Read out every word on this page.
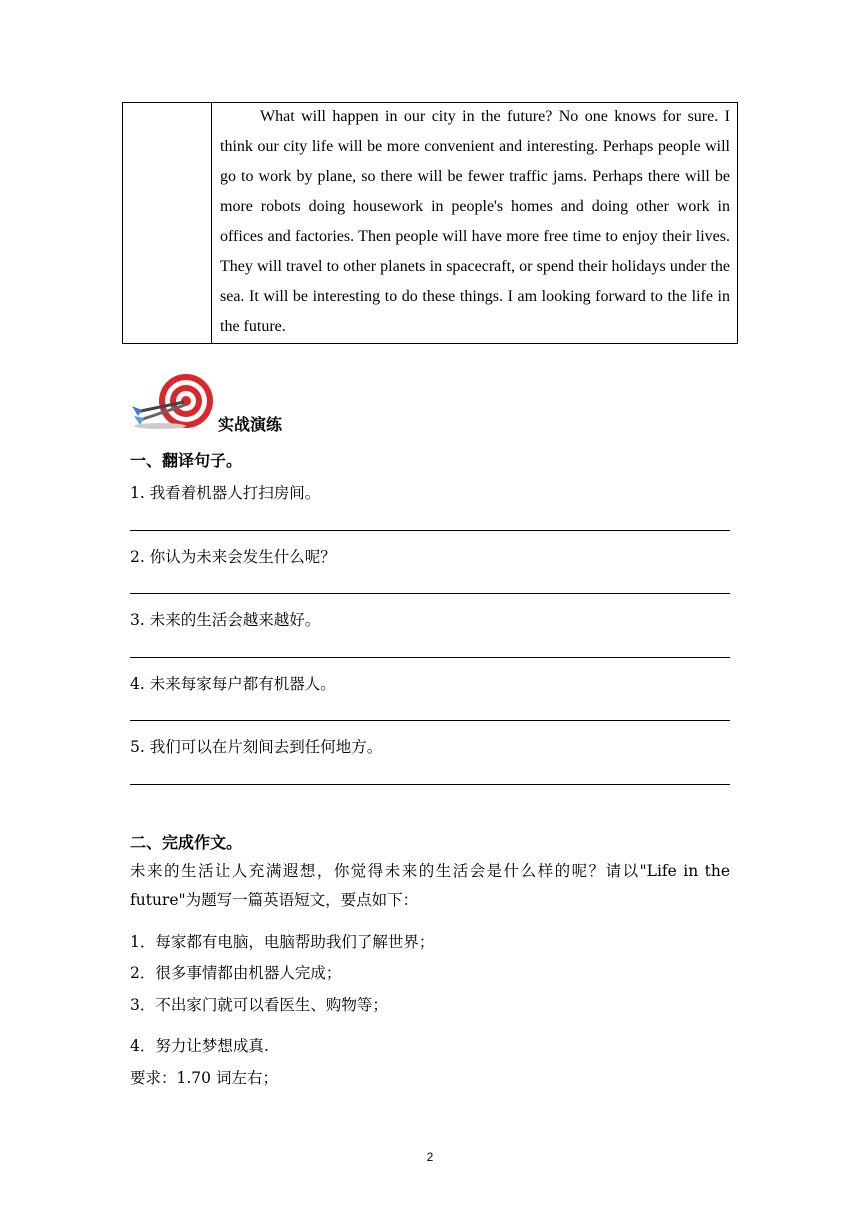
What will happen in our city in the future? No one knows for sure. I think our city life will be more convenient and interesting. Perhaps people will go to work by plane, so there will be fewer traffic jams. Perhaps there will be more robots doing housework in people's homes and doing other work in offices and factories. Then people will have more free time to enjoy their lives. They will travel to other planets in spacecraft, or spend their holidays under the sea. It will be interesting to do these things. I am looking forward to the life in the future.
实战演练
一、翻译句子。
1. 我看着机器人打扫房间。
2. 你认为未来会发生什么呢？
3. 未来的生活会越来越好。
4. 未来每家每户都有机器人。
5. 我们可以在片刻间去到任何地方。
二、完成作文。
未来的生活让人充满遐想，你觉得未来的生活会是什么样的呢？请以"Life in the future"为题写一篇英语短文，要点如下：
1．每家都有电脑，电脑帮助我们了解世界；
2．很多事情都由机器人完成；
3．不出家门就可以看医生、购物等；
4．努力让梦想成真.
要求：1.70 词左右；
2
